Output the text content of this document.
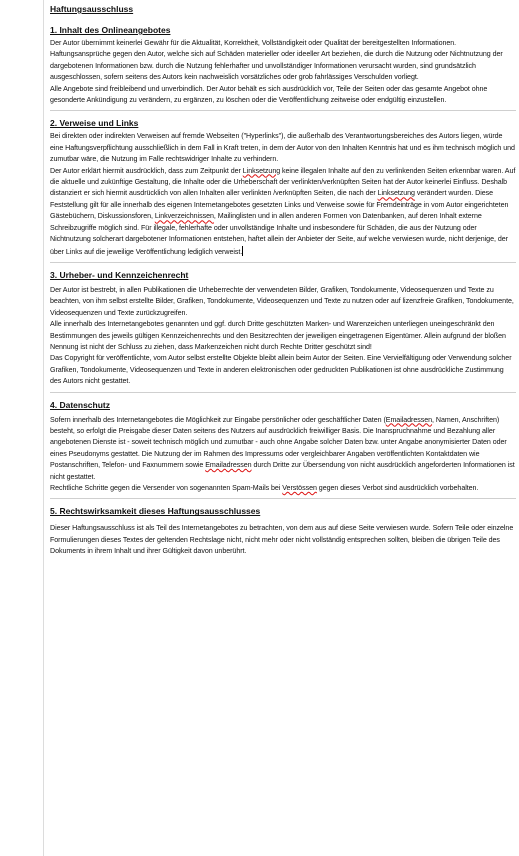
Haftungsausschluss
1. Inhalt des Onlineangebotes

Der Autor übernimmt keinerlei Gewähr für die Aktualität, Korrektheit, Vollständigkeit oder Qualität der bereitgestellten Informationen. Haftungsansprüche gegen den Autor, welche sich auf Schäden materieller oder ideeller Art beziehen, die durch die Nutzung oder Nichtnutzung der dargebotenen Informationen bzw. durch die Nutzung fehlerhafter und unvollständiger Informationen verursacht wurden, sind grundsätzlich ausgeschlossen, sofern seitens des Autors kein nachweislich vorsätzliches oder grob fahrlässiges Verschulden vorliegt.

Alle Angebote sind freibleibend und unverbindlich. Der Autor behält es sich ausdrücklich vor, Teile der Seiten oder das gesamte Angebot ohne gesonderte Ankündigung zu verändern, zu ergänzen, zu löschen oder die Veröffentlichung zeitweise oder endgültig einzustellen.

2. Verweise und Links

Bei direkten oder indirekten Verweisen auf fremde Webseiten ("Hyperlinks"), die außerhalb des Verantwortungsbereiches des Autors liegen, würde eine Haftungsverpflichtung ausschließlich in dem Fall in Kraft treten, in dem der Autor von den Inhalten Kenntnis hat und es ihm technisch möglich und zumutbar wäre, die Nutzung im Falle rechtswidriger Inhalte zu verhindern.

Der Autor erklärt hiermit ausdrücklich, dass zum Zeitpunkt der Linksetzung keine illegalen Inhalte auf den zu verlinkenden Seiten erkennbar waren. Auf die aktuelle und zukünftige Gestaltung, die Inhalte oder die Urheberschaft der verlinkten/verknüpften Seiten hat der Autor keinerlei Einfluss. Deshalb distanziert er sich hiermit ausdrücklich von allen Inhalten aller verlinkten /verknüpften Seiten, die nach der Linksetzung verändert wurden. Diese Feststellung gilt für alle innerhalb des eigenen Internetangebotes gesetzten Links und Verweise sowie für Fremdeinträge in vom Autor eingerichteten Gästebüchern, Diskussionsforen, Linkverzeichnissen, Mailinglisten und in allen anderen Formen von Datenbanken, auf deren Inhalt externe Schreibzugriffe möglich sind. Für illegale, fehlerhafte oder unvollständige Inhalte und insbesondere für Schäden, die aus der Nutzung oder Nichtnutzung solcherart dargebotener Informationen entstehen, haftet allein der Anbieter der Seite, auf welche verwiesen wurde, nicht derjenige, der über Links auf die jeweilige Veröffentlichung lediglich verweist.

3. Urheber- und Kennzeichenrecht

Der Autor ist bestrebt, in allen Publikationen die Urheberrechte der verwendeten Bilder, Grafiken, Tondokumente, Videosequenzen und Texte zu beachten, von ihm selbst erstellte Bilder, Grafiken, Tondokumente, Videosequenzen und Texte zu nutzen oder auf lizenzfreie Grafiken, Tondokumente, Videosequenzen und Texte zurückzugreifen.

Alle innerhalb des Internetangebotes genannten und ggf. durch Dritte geschützten Marken- und Warenzeichen unterliegen uneingeschränkt den Bestimmungen des jeweils gültigen Kennzeichenrechts und den Besitzrechten der jeweiligen eingetragenen Eigentümer. Allein aufgrund der bloßen Nennung ist nicht der Schluss zu ziehen, dass Markenzeichen nicht durch Rechte Dritter geschützt sind!

Das Copyright für veröffentlichte, vom Autor selbst erstellte Objekte bleibt allein beim Autor der Seiten. Eine Vervielfältigung oder Verwendung solcher Grafiken, Tondokumente, Videosequenzen und Texte in anderen elektronischen oder gedruckten Publikationen ist ohne ausdrückliche Zustimmung des Autors nicht gestattet.

4. Datenschutz

Sofern innerhalb des Internetangebotes die Möglichkeit zur Eingabe persönlicher oder geschäftlicher Daten (Emailadressen, Namen, Anschriften) besteht, so erfolgt die Preisgabe dieser Daten seitens des Nutzers auf ausdrücklich freiwilliger Basis. Die Inanspruchnahme und Bezahlung aller angebotenen Dienste ist - soweit technisch möglich und zumutbar - auch ohne Angabe solcher Daten bzw. unter Angabe anonymisierter Daten oder eines Pseudonyms gestattet. Die Nutzung der im Rahmen des Impressums oder vergleichbarer Angaben veröffentlichten Kontaktdaten wie Postanschriften, Telefon- und Faxnummern sowie Emailadressen durch Dritte zur Übersendung von nicht ausdrücklich angeforderten Informationen ist nicht gestattet.

Rechtliche Schritte gegen die Versender von sogenannten Spam-Mails bei Verstössen gegen dieses Verbot sind ausdrücklich vorbehalten.

5. Rechtswirksamkeit dieses Haftungsausschlusses

Dieser Haftungsausschluss ist als Teil des Internetangebotes zu betrachten, von dem aus auf diese Seite verwiesen wurde. Sofern Teile oder einzelne Formulierungen dieses Textes der geltenden Rechtslage nicht, nicht mehr oder nicht vollständig entsprechen sollten, bleiben die übrigen Teile des Dokuments in ihrem Inhalt und ihrer Gültigkeit davon unberührt.
